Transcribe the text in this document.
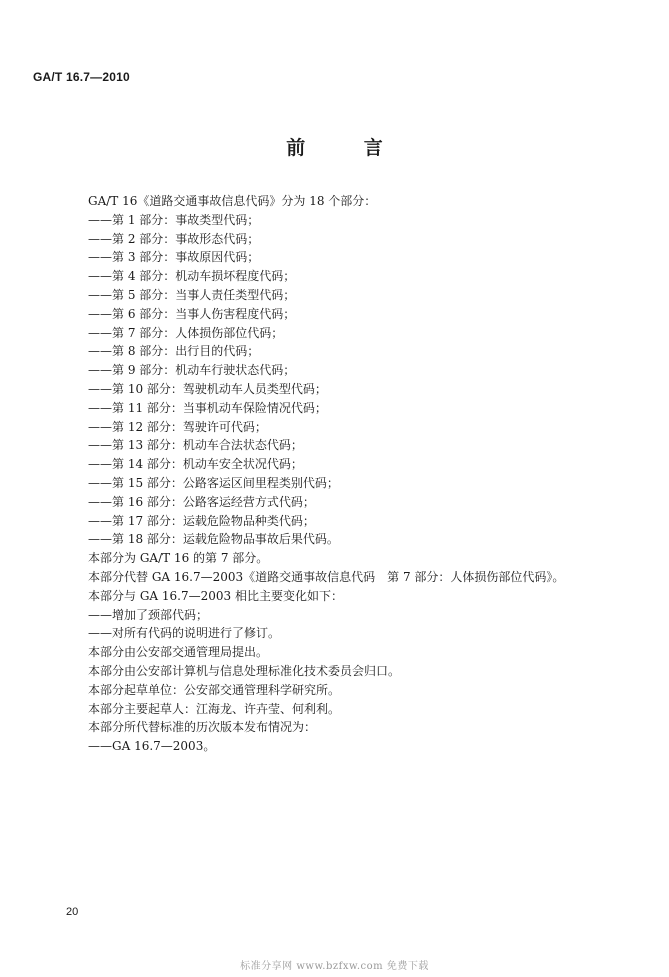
GA/T 16.7—2010
前 言
GA/T 16《道路交通事故信息代码》分为 18 个部分：
——第 1 部分：事故类型代码；
——第 2 部分：事故形态代码；
——第 3 部分：事故原因代码；
——第 4 部分：机动车损坏程度代码；
——第 5 部分：当事人责任类型代码；
——第 6 部分：当事人伤害程度代码；
——第 7 部分：人体损伤部位代码；
——第 8 部分：出行目的代码；
——第 9 部分：机动车行驶状态代码；
——第 10 部分：驾驶机动车人员类型代码；
——第 11 部分：当事机动车保险情况代码；
——第 12 部分：驾驶许可代码；
——第 13 部分：机动车合法状态代码；
——第 14 部分：机动车安全状况代码；
——第 15 部分：公路客运区间里程类别代码；
——第 16 部分：公路客运经营方式代码；
——第 17 部分：运载危险物品种类代码；
——第 18 部分：运载危险物品事故后果代码。
本部分为 GA/T 16 的第 7 部分。
本部分代替 GA 16.7—2003《道路交通事故信息代码　第 7 部分：人体损伤部位代码》。
本部分与 GA 16.7—2003 相比主要变化如下：
——增加了颈部代码；
——对所有代码的说明进行了修订。
本部分由公安部交通管理局提出。
本部分由公安部计算机与信息处理标准化技术委员会归口。
本部分起草单位：公安部交通管理科学研究所。
本部分主要起草人：江海龙、许卉莹、何利利。
本部分所代替标准的历次版本发布情况为：
——GA 16.7—2003。
20
标准分享网 www.bzfxw.com 免费下载
